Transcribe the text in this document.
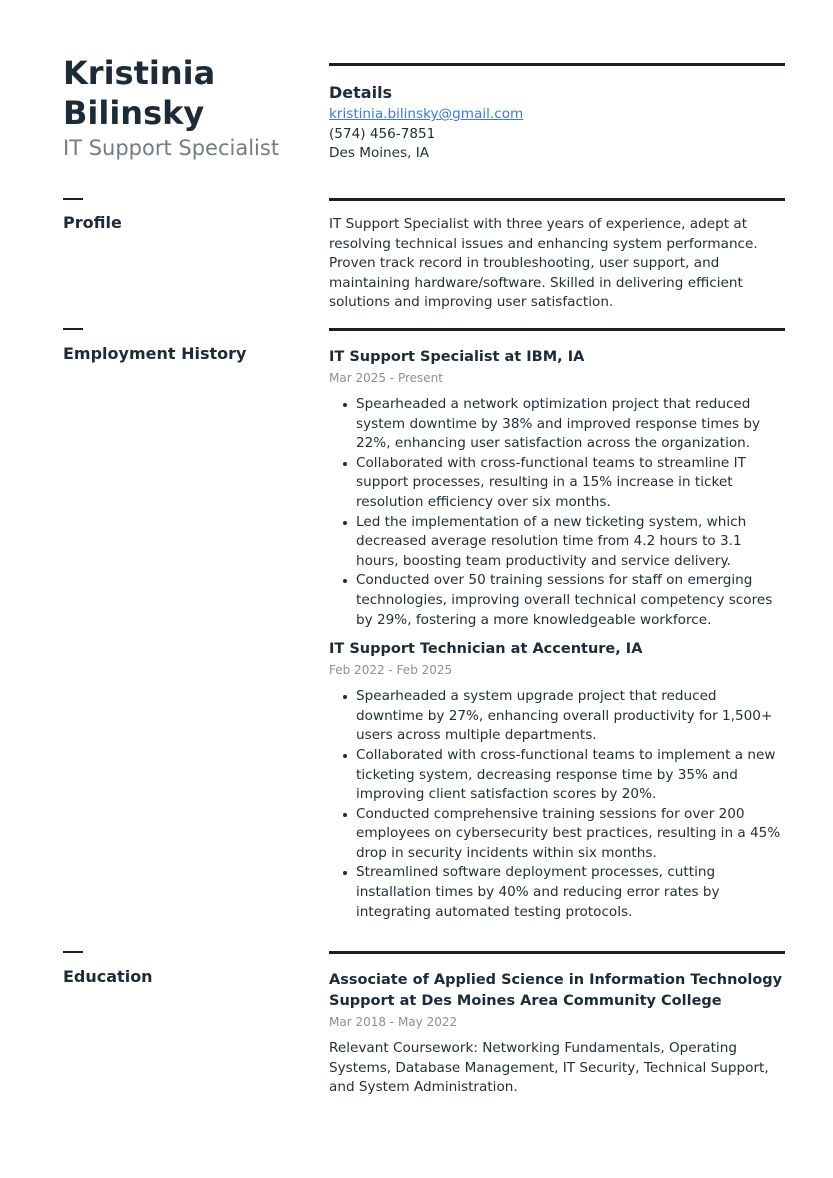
Kristinia
Bilinsky
IT Support Specialist
Details
kristinia.bilinsky@gmail.com
(574) 456-7851
Des Moines, IA
Profile	IT Support Specialist with three years of experience, adept at resolving technical issues and enhancing system performance. Proven track record in troubleshooting, user support, and maintaining hardware/software. Skilled in delivering efficient solutions and improving user satisfaction.
Employment History	IT Support Specialist at IBM, IA
Mar 2025 - Present
Spearheaded a network optimization project that reduced system downtime by 38% and improved response times by 22%, enhancing user satisfaction across the organization.
Collaborated with cross-functional teams to streamline IT support processes, resulting in a 15% increase in ticket resolution efficiency over six months.
Led the implementation of a new ticketing system, which decreased average resolution time from 4.2 hours to 3.1 hours, boosting team productivity and service delivery.
Conducted over 50 training sessions for staff on emerging technologies, improving overall technical competency scores by 29%, fostering a more knowledgeable workforce.
IT Support Technician at Accenture, IA
Feb 2022 - Feb 2025
Spearheaded a system upgrade project that reduced downtime by 27%, enhancing overall productivity for 1,500+ users across multiple departments.
Collaborated with cross-functional teams to implement a new ticketing system, decreasing response time by 35% and improving client satisfaction scores by 20%.
Conducted comprehensive training sessions for over 200 employees on cybersecurity best practices, resulting in a 45% drop in security incidents within six months.
Streamlined software deployment processes, cutting installation times by 40% and reducing error rates by integrating automated testing protocols.
Education	Associate of Applied Science in Information Technology Support at Des Moines Area Community College
Mar 2018 - May 2022
Relevant Coursework: Networking Fundamentals, Operating Systems, Database Management, IT Security, Technical Support, and System Administration.
